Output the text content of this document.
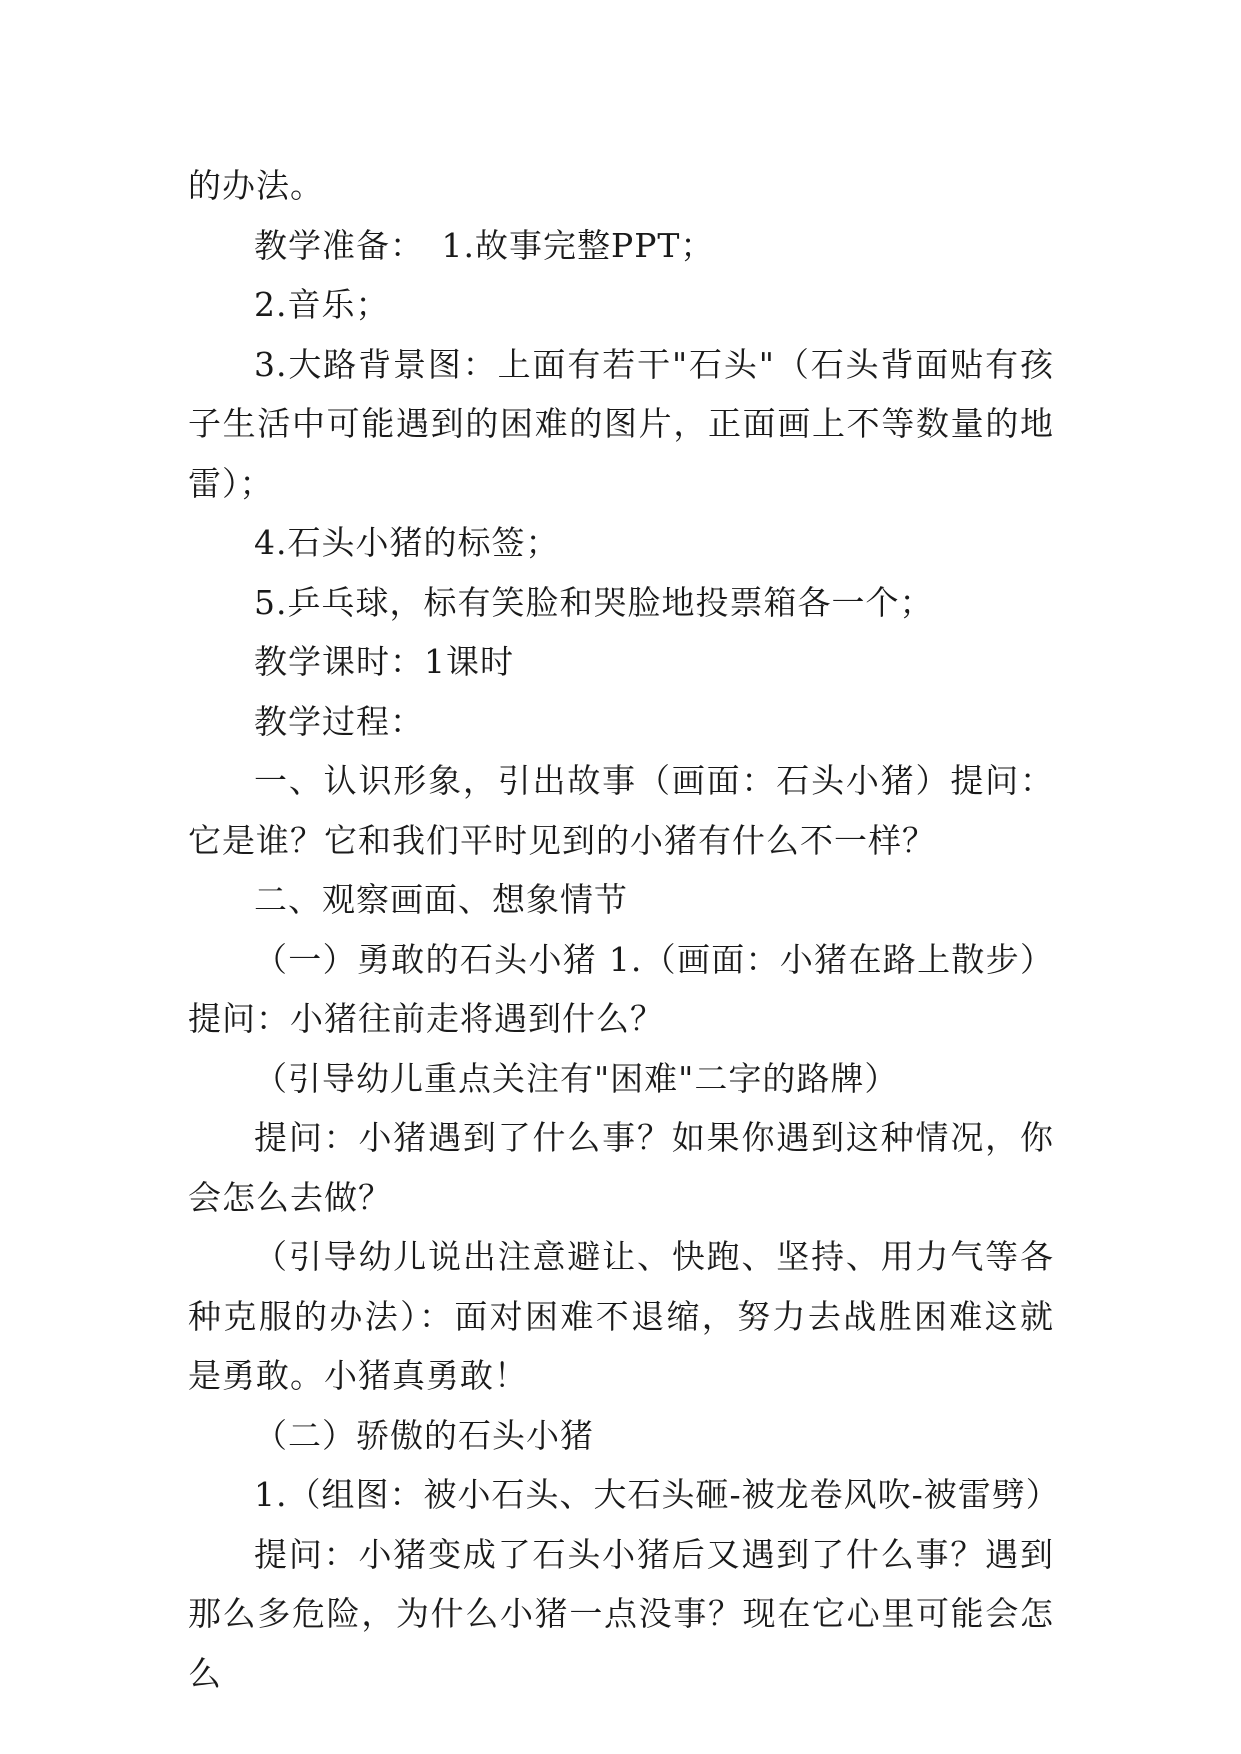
的办法。

教学准备：　1.故事完整PPT；

2.音乐；

3.大路背景图：上面有若干"石头"（石头背面贴有孩子生活中可能遇到的困难的图片，正面画上不等数量的地雷）；

4.石头小猪的标签；

5.乒乓球，标有笑脸和哭脸地投票箱各一个；

教学课时：1课时

教学过程：

一、认识形象，引出故事（画面：石头小猪）提问：它是谁？它和我们平时见到的小猪有什么不一样？

二、观察画面、想象情节

（一）勇敢的石头小猪 1.（画面：小猪在路上散步）提问：小猪往前走将遇到什么？

（引导幼儿重点关注有"困难"二字的路牌）

提问：小猪遇到了什么事？如果你遇到这种情况，你会怎么去做？

（引导幼儿说出注意避让、快跑、坚持、用力气等各种克服的办法）：面对困难不退缩，努力去战胜困难这就是勇敢。小猪真勇敢！

（二）骄傲的石头小猪

1.（组图：被小石头、大石头砸-被龙卷风吹-被雷劈）

提问：小猪变成了石头小猪后又遇到了什么事？遇到那么多危险，为什么小猪一点没事？现在它心里可能会怎么
